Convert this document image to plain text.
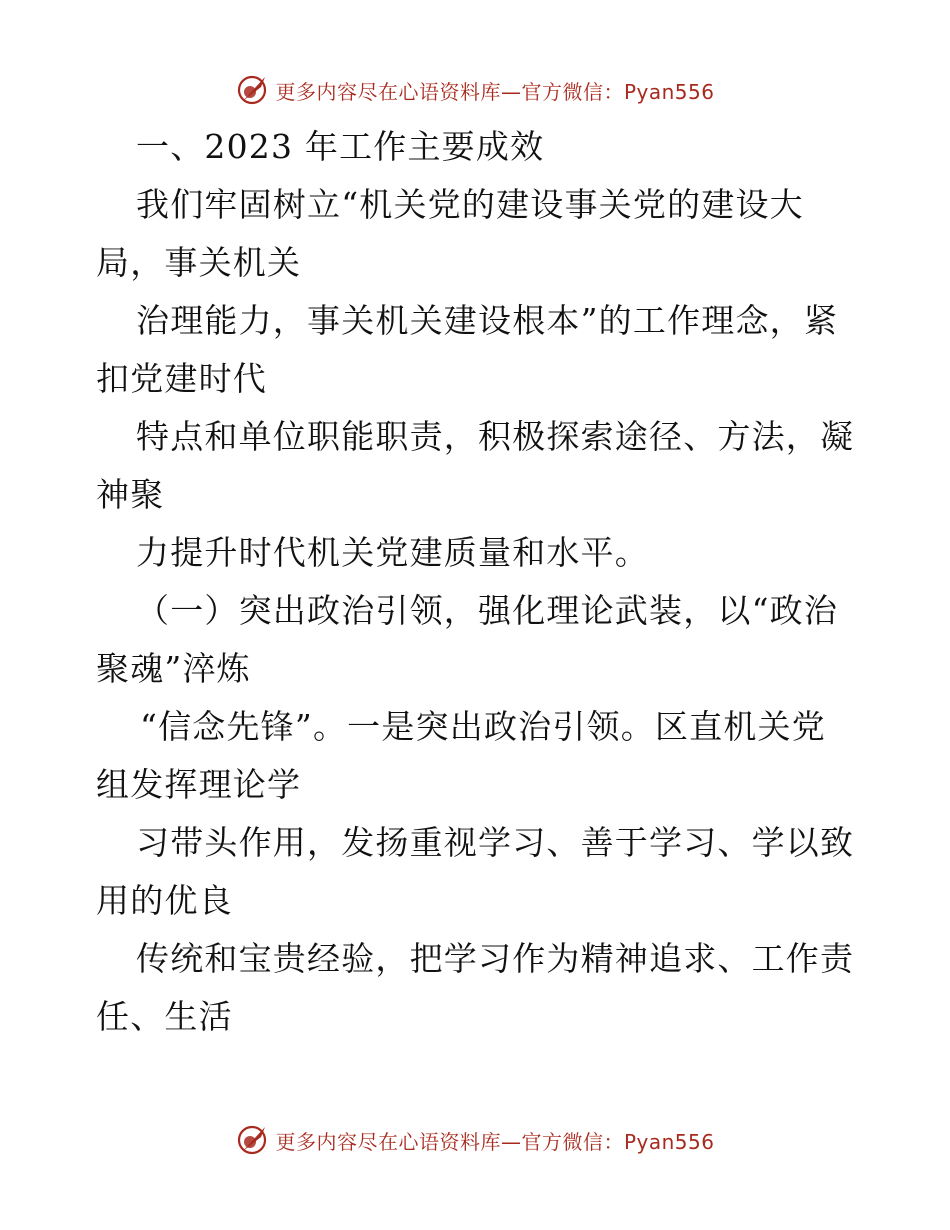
更多内容尽在心语资料库—官方微信：Pyan556
一、2023 年工作主要成效
我们牢固树立“机关党的建设事关党的建设大
局，事关机关
治理能力，事关机关建设根本”的工作理念，紧
扣党建时代
特点和单位职能职责，积极探索途径、方法，凝
神聚
力提升时代机关党建质量和水平。
（一）突出政治引领，强化理论武装，以“政治
聚魂”淬炼
“信念先锋”。一是突出政治引领。区直机关党
组发挥理论学
习带头作用，发扬重视学习、善于学习、学以致
用的优良
传统和宝贵经验，把学习作为精神追求、工作责
任、生活
更多内容尽在心语资料库—官方微信：Pyan556
